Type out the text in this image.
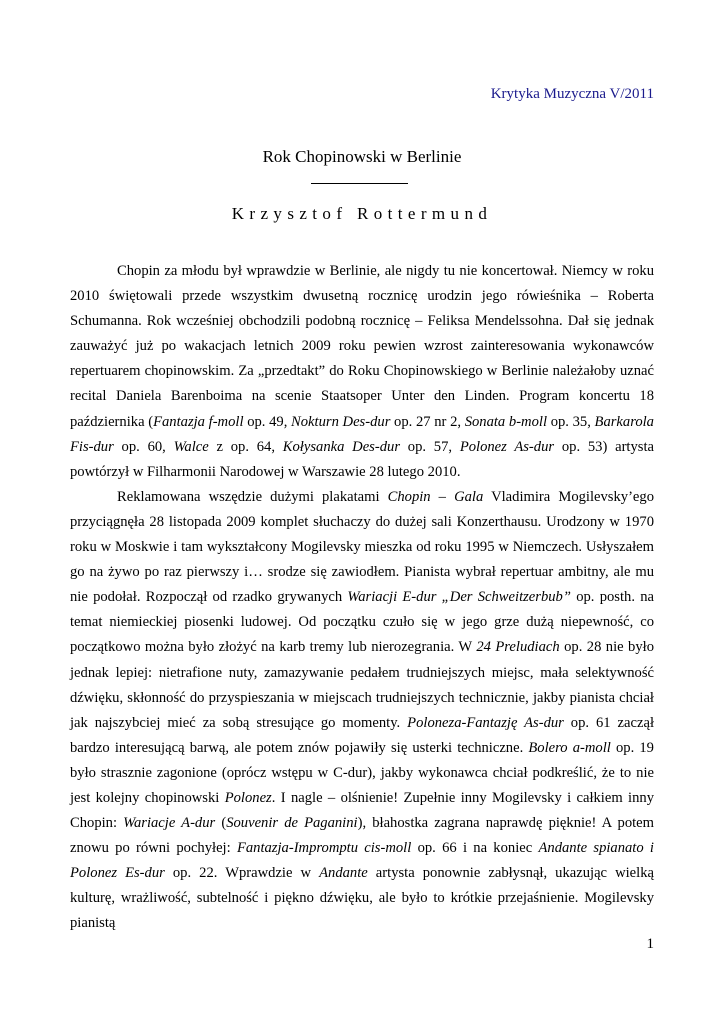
Krytyka Muzyczna V/2011
Rok Chopinowski w Berlinie
Krzysztof Rottermund

Chopin za młodu był wprawdzie w Berlinie, ale nigdy tu nie koncertował. Niemcy w roku 2010 świętowali przede wszystkim dwusetną rocznicę urodzin jego rówieśnika – Roberta Schumanna. Rok wcześniej obchodzili podobną rocznicę – Feliksa Mendelssohna. Dał się jednak zauważyć już po wakacjach letnich 2009 roku pewien wzrost zainteresowania wykonawców repertuarem chopinowskim. Za „przedtakt” do Roku Chopinowskiego w Berlinie należałoby uznać recital Daniela Barenboima na scenie Staatsoper Unter den Linden. Program koncertu 18 października (Fantazja f-moll op. 49, Nokturn Des-dur op. 27 nr 2, Sonata b-moll op. 35, Barkarola Fis-dur op. 60, Walce z op. 64, Kołysanka Des-dur op. 57, Polonez As-dur op. 53) artysta powtórzył w Filharmonii Narodowej w Warszawie 28 lutego 2010.

Reklamowana wszędzie dużymi plakatami Chopin – Gala Vladimira Mogilevsky’ego przyciągnęła 28 listopada 2009 komplet słuchaczy do dużej sali Konzerthausu. Urodzony w 1970 roku w Moskwie i tam wykształcony Mogilevsky mieszka od roku 1995 w Niemczech. Usłyszałem go na żywo po raz pierwszy i… srodze się zawiodłem. Pianista wybrał repertuar ambitny, ale mu nie podołał. Rozpoczął od rzadko grywanych Wariacji E-dur „Der Schweitzerbub” op. posth. na temat niemieckiej piosenki ludowej. Od początku czuło się w jego grze dużą niepewność, co początkowo można było złożyć na karb tremy lub nierozegrania. W 24 Preludiach op. 28 nie było jednak lepiej: nietrafione nuty, zamazywanie pedałem trudniejszych miejsc, mała selektywność dźwięku, skłonność do przyspieszania w miejscach trudniejszych technicznie, jakby pianista chciał jak najszybciej mieć za sobą stresujące go momenty. Poloneza-Fantazję As-dur op. 61 zaczął bardzo interesującą barwą, ale potem znów pojawiły się usterki techniczne. Bolero a-moll op. 19 było strasznie zagonione (oprócz wstępu w C-dur), jakby wykonawca chciał podkreślić, że to nie jest kolejny chopinowski Polonez. I nagle – olśnienie! Zupełnie inny Mogilevsky i całkiem inny Chopin: Wariacje A-dur (Souvenir de Paganini), błahostka zagrana naprawdę pięknie! A potem znowu po równi pochyłej: Fantazja-Impromptu cis-moll op. 66 i na koniec Andante spianato i Polonez Es-dur op. 22. Wprawdzie w Andante artysta ponownie zabłysnął, ukazując wielką kulturę, wrażliwość, subtelność i piękno dźwięku, ale było to krótkie przejaśnienie. Mogilevsky pianistą

1
